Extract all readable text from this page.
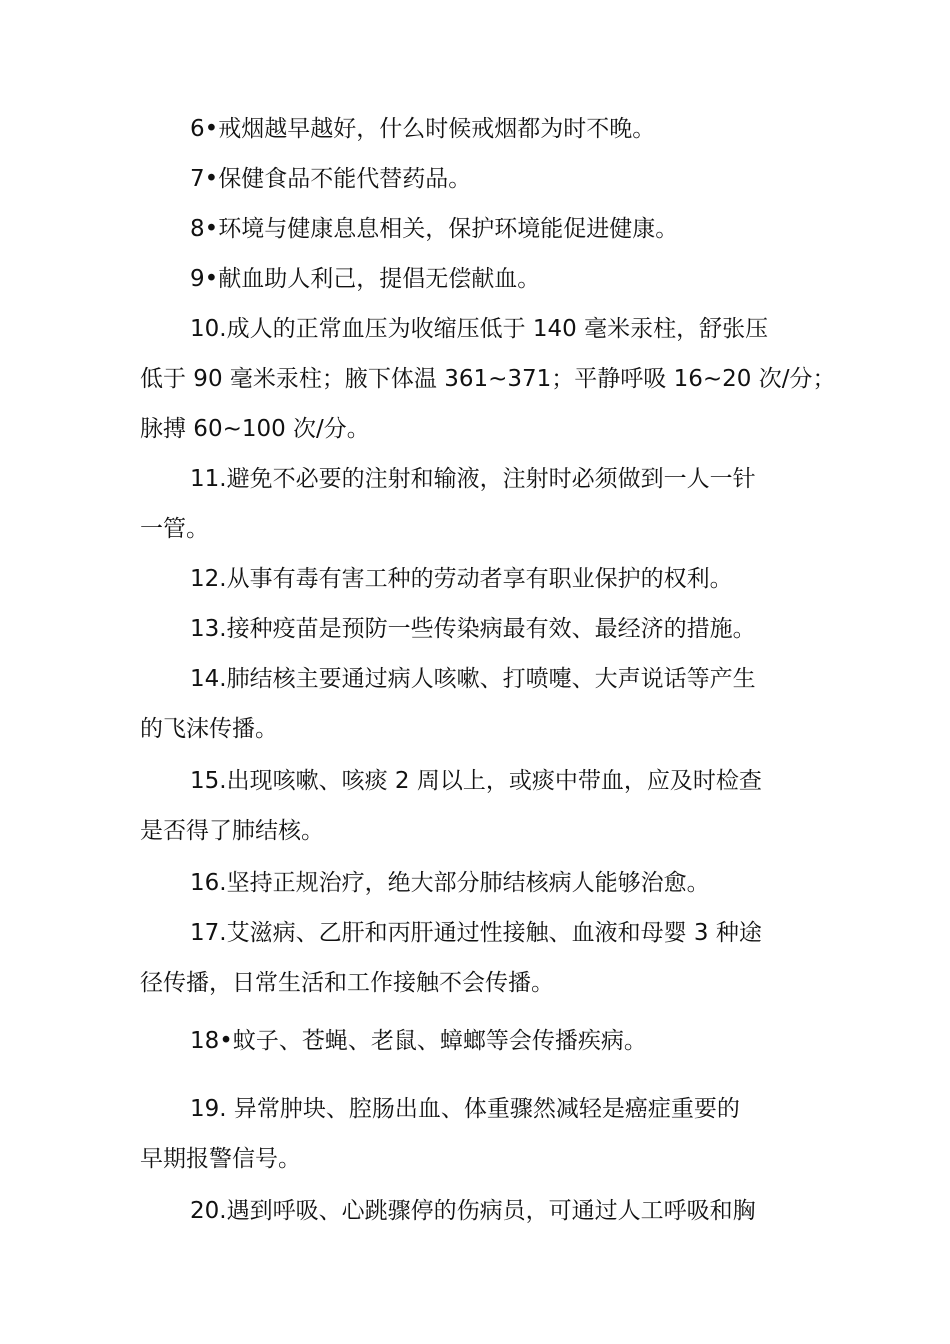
6•戒烟越早越好，什么时候戒烟都为时不晚。
7•保健食品不能代替药品。
8•环境与健康息息相关，保护环境能促进健康。
9•献血助人利己，提倡无偿献血。
10.成人的正常血压为收缩压低于 140 毫米汞柱，舒张压
低于 90 毫米汞柱；腋下体温 361~371；平静呼吸 16~20 次/分；
脉搏 60~100 次/分。
11.避免不必要的注射和输液，注射时必须做到一人一针
一管。
12.从事有毒有害工种的劳动者享有职业保护的权利。
13.接种疫苗是预防一些传染病最有效、最经济的措施。
14.肺结核主要通过病人咳嗽、打喷嚏、大声说话等产生
的飞沫传播。
15.出现咳嗽、咳痰 2 周以上，或痰中带血，应及时检查
是否得了肺结核。
16.坚持正规治疗，绝大部分肺结核病人能够治愈。
17.艾滋病、乙肝和丙肝通过性接触、血液和母婴 3 种途
径传播，日常生活和工作接触不会传播。
18•蚊子、苍蝇、老鼠、蟑螂等会传播疾病。
19. 异常肿块、腔肠出血、体重骤然减轻是癌症重要的
早期报警信号。
20.遇到呼吸、心跳骤停的伤病员，可通过人工呼吸和胸
